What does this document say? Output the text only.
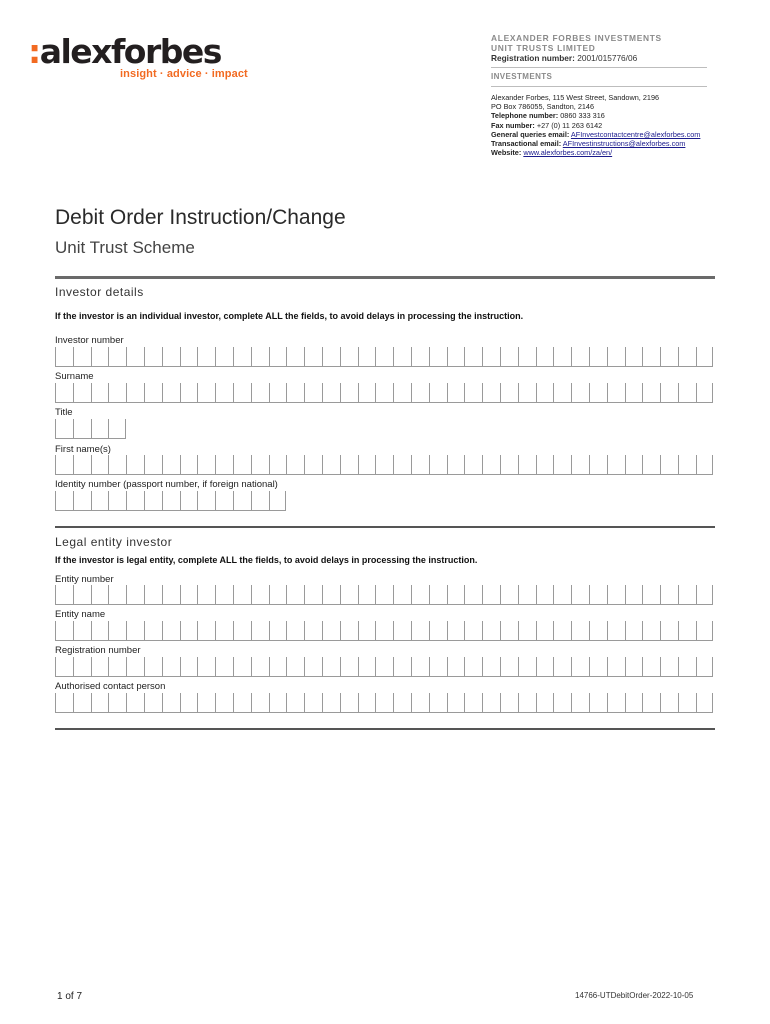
:alexforbes
insight · advice · impact
ALEXANDER FORBES INVESTMENTS
UNIT TRUSTS LIMITED
Registration number: 2001/015776/06
INVESTMENTS
Alexander Forbes, 115 West Street, Sandown, 2196
PO Box 786055, Sandton, 2146
Telephone number: 0860 333 316
Fax number: +27 (0) 11 263 6142
General queries email: AFInvestcontactcentre@alexforbes.com
Transactional email: AFInvestinstructions@alexforbes.com
Website: www.alexforbes.com/za/en/
Debit Order Instruction/Change
Unit Trust Scheme
Investor details
If the investor is an individual investor, complete ALL the fields, to avoid delays in processing the instruction.
Investor number
Surname
Title
First name(s)
Identity number (passport number, if foreign national)
Legal entity investor
If the investor is legal entity, complete ALL the fields, to avoid delays in processing the instruction.
Entity number
Entity name
Registration number
Authorised contact person
1 of 7	14766-UTDebitOrder-2022-10-05
